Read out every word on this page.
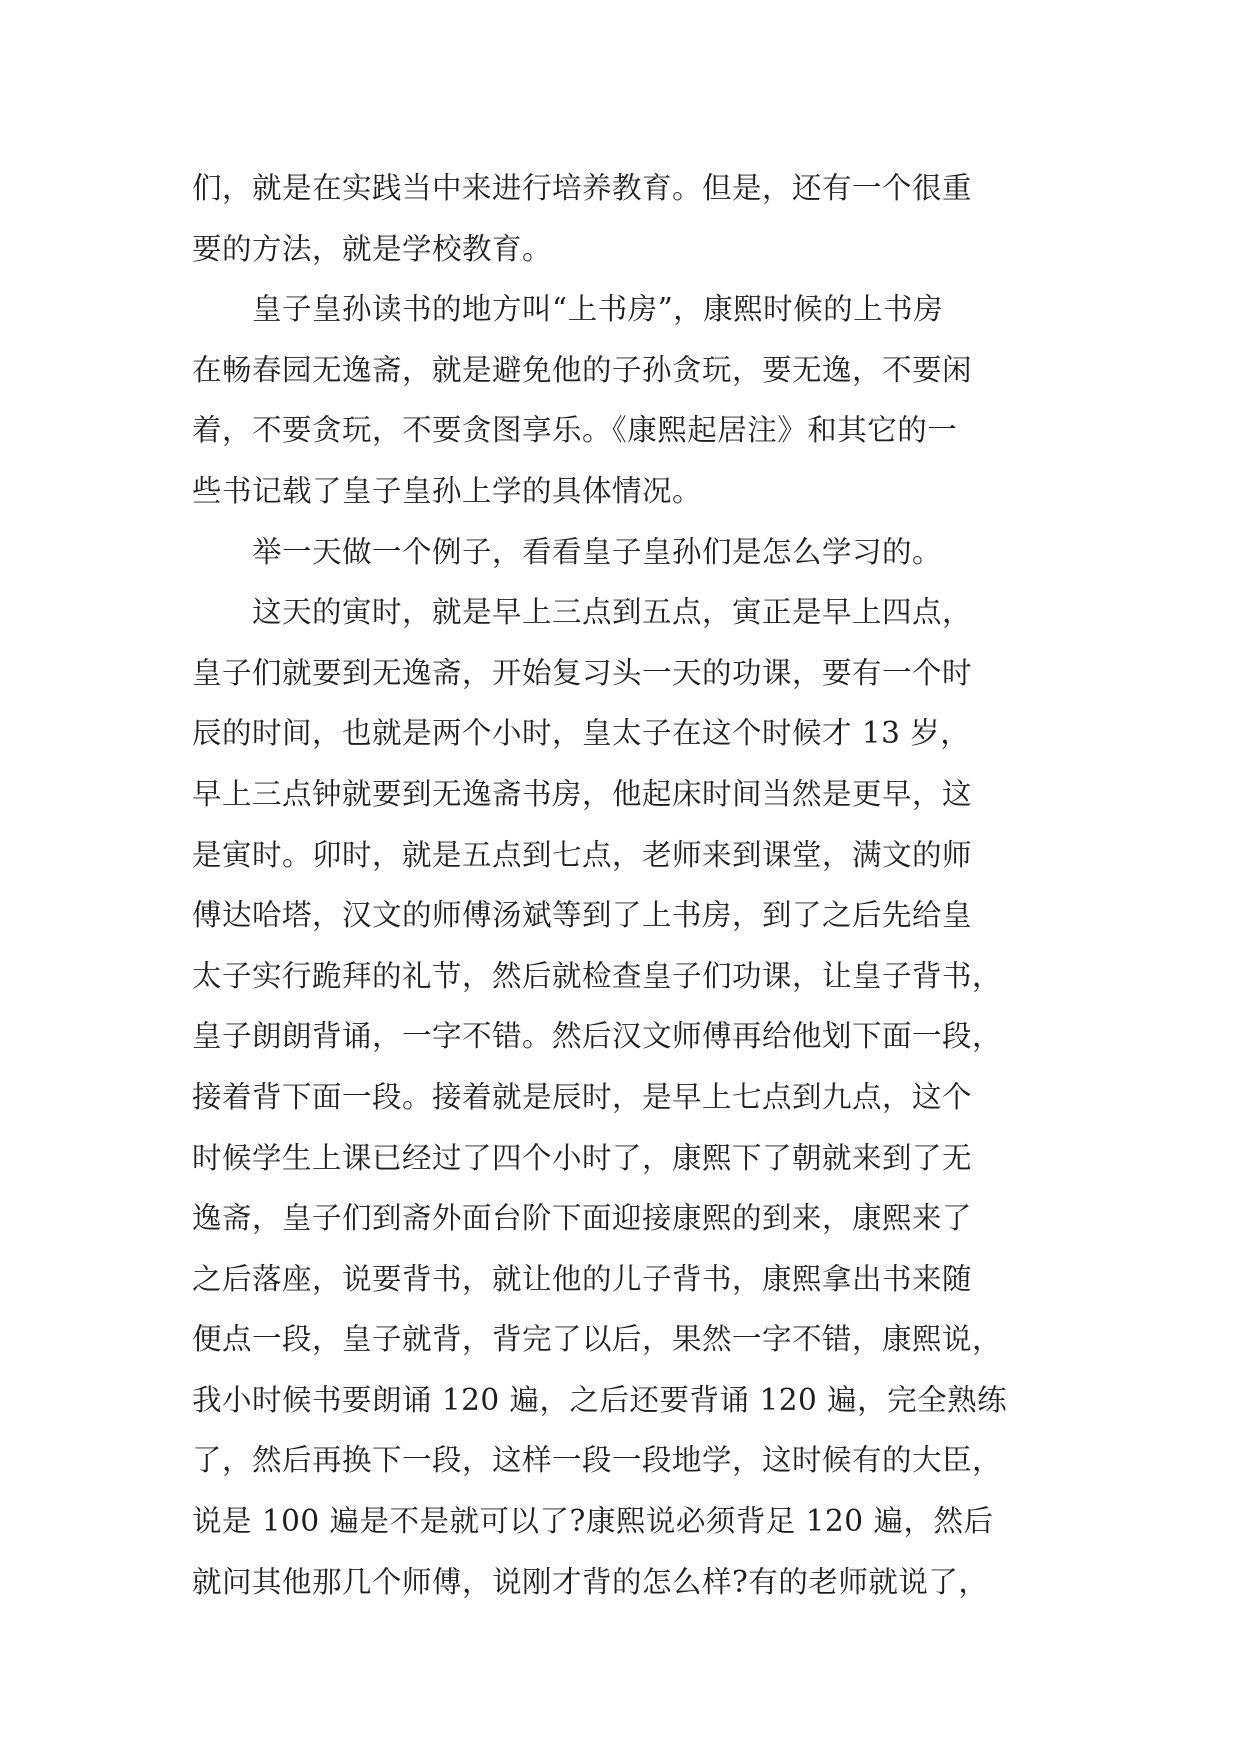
们，就是在实践当中来进行培养教育。但是，还有一个很重
要的方法，就是学校教育。
皇子皇孙读书的地方叫“上书房”，康熙时候的上书房
在畅春园无逸斋，就是避免他的子孙贪玩，要无逸，不要闲
着，不要贪玩，不要贪图享乐。《康熙起居注》和其它的一
些书记载了皇子皇孙上学的具体情况。
举一天做一个例子，看看皇子皇孙们是怎么学习的。
这天的寅时，就是早上三点到五点，寅正是早上四点，
皇子们就要到无逸斋，开始复习头一天的功课，要有一个时
辰的时间，也就是两个小时，皇太子在这个时候才 13 岁，
早上三点钟就要到无逸斋书房，他起床时间当然是更早，这
是寅时。卯时，就是五点到七点，老师来到课堂，满文的师
傅达哈塔，汉文的师傅汤斌等到了上书房，到了之后先给皇
太子实行跪拜的礼节，然后就检查皇子们功课，让皇子背书，
皇子朗朗背诵，一字不错。然后汉文师傅再给他划下面一段，
接着背下面一段。接着就是辰时，是早上七点到九点，这个
时候学生上课已经过了四个小时了，康熙下了朝就来到了无
逸斋，皇子们到斋外面台阶下面迎接康熙的到来，康熙来了
之后落座，说要背书，就让他的儿子背书，康熙拿出书来随
便点一段，皇子就背，背完了以后，果然一字不错，康熙说，
我小时候书要朗诵 120 遍，之后还要背诵 120 遍，完全熟练
了，然后再换下一段，这样一段一段地学，这时候有的大臣，
说是 100 遍是不是就可以了?康熙说必须背足 120 遍，然后
就问其他那几个师傅，说刚才背的怎么样?有的老师就说了，
